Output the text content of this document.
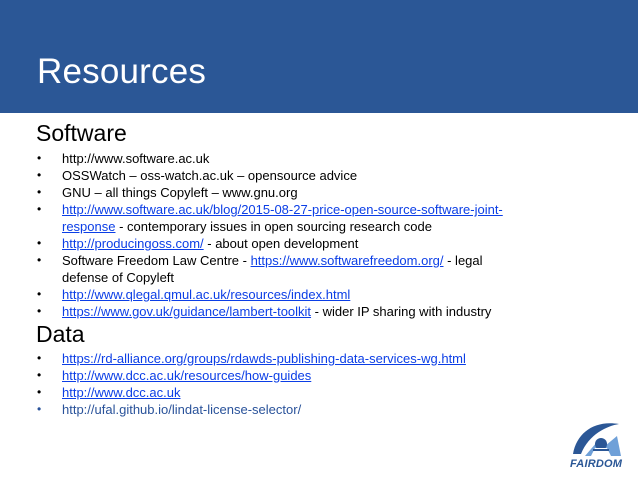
Resources
Software
•	http://www.software.ac.uk
•	OSSWatch – oss-watch.ac.uk – opensource advice
•	GNU – all things Copyleft – www.gnu.org
•	http://www.software.ac.uk/blog/2015-08-27-price-open-source-software-joint-
response - contemporary issues in open sourcing research code
•	http://producingoss.com/ - about open development
•	Software Freedom Law Centre - https://www.softwarefreedom.org/ - legal
defense of Copyleft
•	http://www.qlegal.qmul.ac.uk/resources/index.html
•	https://www.gov.uk/guidance/lambert-toolkit - wider IP sharing with industry
Data
•	https://rd-alliance.org/groups/rdawds-publishing-data-services-wg.html
•	http://www.dcc.ac.uk/resources/how-guides
•	http://www.dcc.ac.uk
•	http://ufal.github.io/lindat-license-selector/
FAIRDOM
